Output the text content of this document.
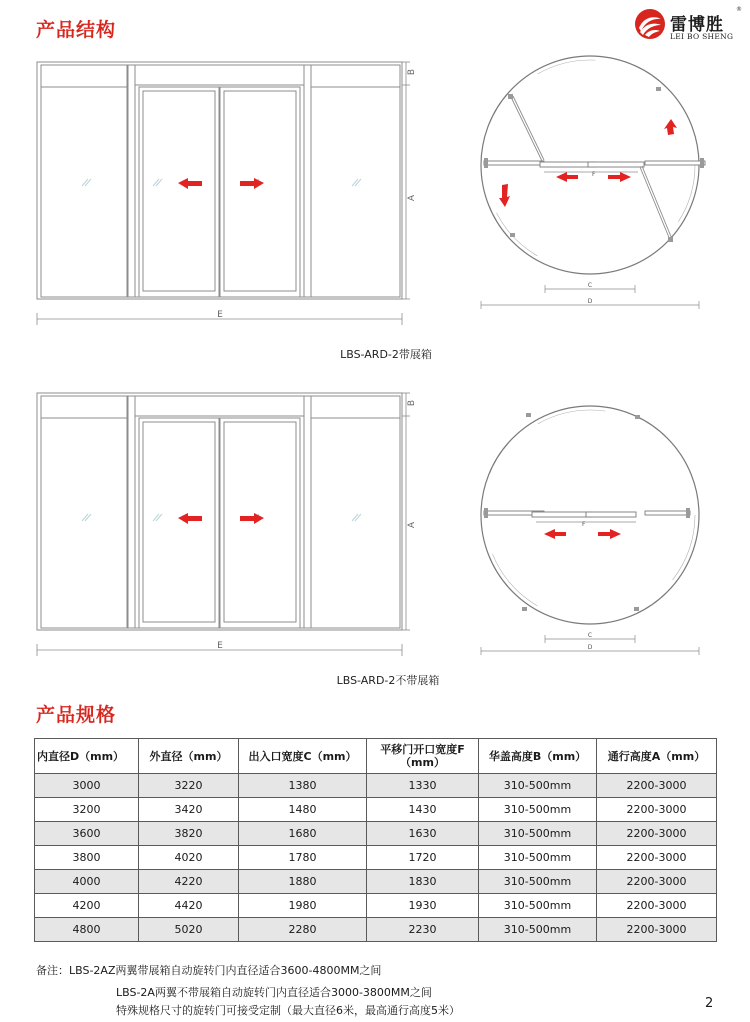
产品结构	雷博胜
®
LEI BO SHENG
B
A
E
F
C
D
LBS-ARD-2带展箱
B
A
E
F
C
D
LBS-ARD-2不带展箱
产品规格
内直径D（mm）	外直径（mm）	出入口宽度C（mm）	平移门开口宽度F（mm）	华盖高度B（mm）	通行高度A（mm）
3000	3220	1380	1330	310-500mm	2200-3000
3200	3420	1480	1430	310-500mm	2200-3000
3600	3820	1680	1630	310-500mm	2200-3000
3800	4020	1780	1720	310-500mm	2200-3000
4000	4220	1880	1830	310-500mm	2200-3000
4200	4420	1980	1930	310-500mm	2200-3000
4800	5020	2280	2230	310-500mm	2200-3000
备注：LBS-2AZ两翼带展箱自动旋转门内直径适合3600-4800MM之间
LBS-2A两翼不带展箱自动旋转门内直径适合3000-3800MM之间
特殊规格尺寸的旋转门可接受定制（最大直径6米，最高通行高度5米）	2
